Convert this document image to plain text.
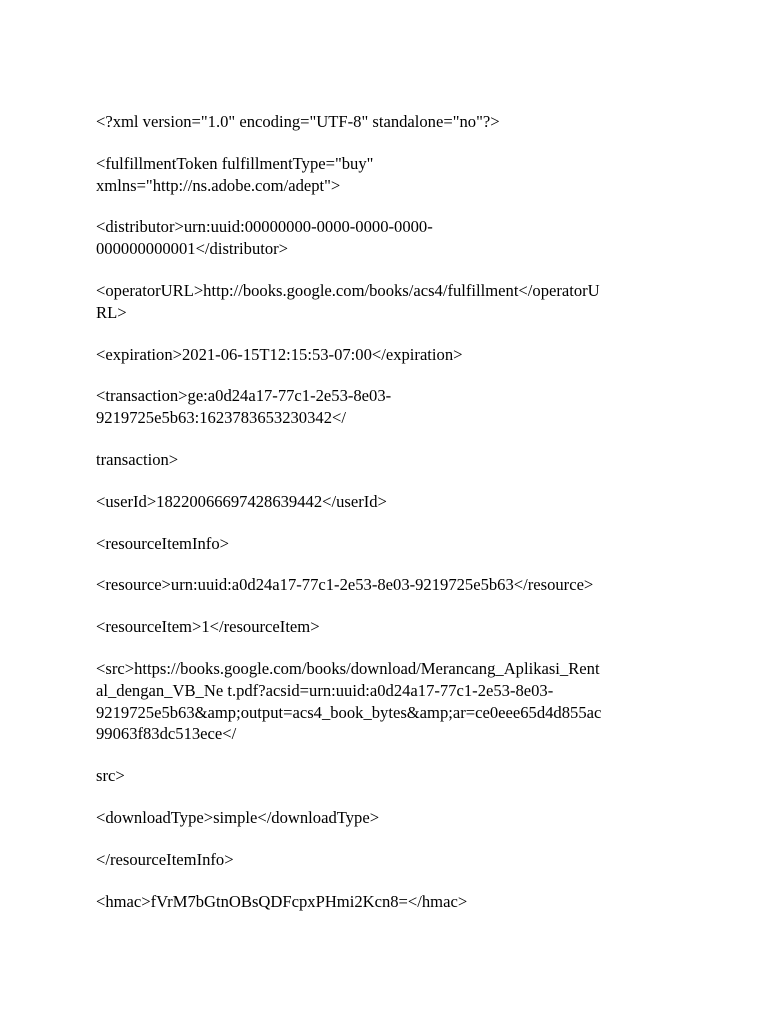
<?xml version="1.0" encoding="UTF-8" standalone="no"?>

<fulfillmentToken fulfillmentType="buy"
xmlns="http://ns.adobe.com/adept">

<distributor>urn:uuid:00000000-0000-0000-0000-
000000000001</distributor>

<operatorURL>http://books.google.com/books/acs4/fulfillment</operatorU
RL>

<expiration>2021-06-15T12:15:53-07:00</expiration>

<transaction>ge:a0d24a17-77c1-2e53-8e03-
9219725e5b63:1623783653230342</

transaction>

<userId>18220066697428639442</userId>

<resourceItemInfo>

<resource>urn:uuid:a0d24a17-77c1-2e53-8e03-9219725e5b63</resource>

<resourceItem>1</resourceItem>

<src>https://books.google.com/books/download/Merancang_Aplikasi_Rent
al_dengan_VB_Ne t.pdf?acsid=urn:uuid:a0d24a17-77c1-2e53-8e03-
9219725e5b63&amp;output=acs4_book_bytes&amp;ar=ce0eee65d4d855ac
99063f83dc513ece</

src>

<downloadType>simple</downloadType>

</resourceItemInfo>

<hmac>fVrM7bGtnOBsQDFcpxPHmi2Kcn8=</hmac>
